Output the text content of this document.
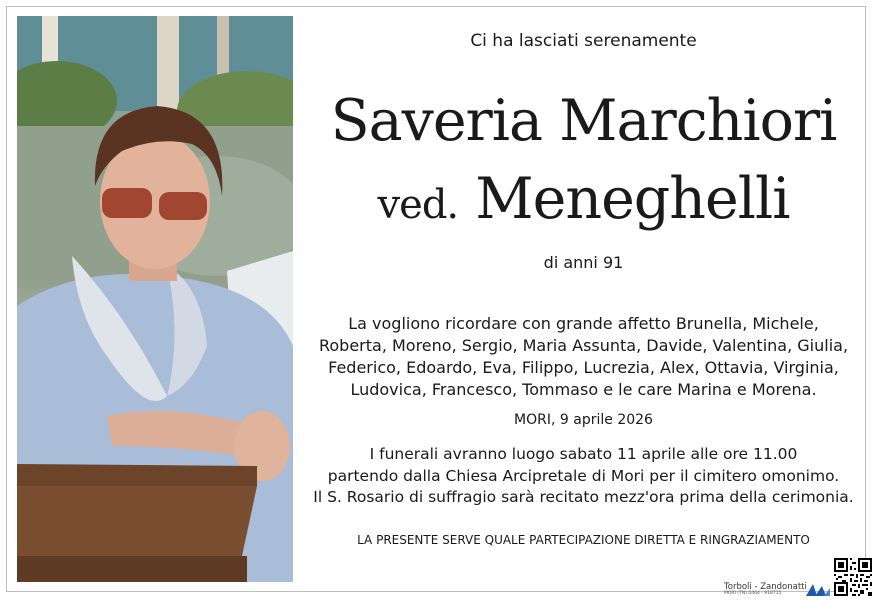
Ci ha lasciati serenamente
Saveria Marchiori
ved. Meneghelli
di anni 91
La vogliono ricordare con grande affetto Brunella, Michele, Roberta, Moreno, Sergio, Maria Assunta, Davide, Valentina, Giulia, Federico, Edoardo, Eva, Filippo, Lucrezia, Alex, Ottavia, Virginia, Ludovica, Francesco, Tommaso e le care Marina e Morena.
MORI, 9 aprile 2026
I funerali avranno luogo sabato 11 aprile alle ore 11.00
partendo dalla Chiesa Arcipretale di Mori per il cimitero omonimo.
Il S. Rosario di suffragio sarà recitato mezz'ora prima della cerimonia.
LA PRESENTE SERVE QUALE PARTECIPAZIONE DIRETTA E RINGRAZIAMENTO
Torboli - Zandonatti
MORI (TN) 0464 - 918715
